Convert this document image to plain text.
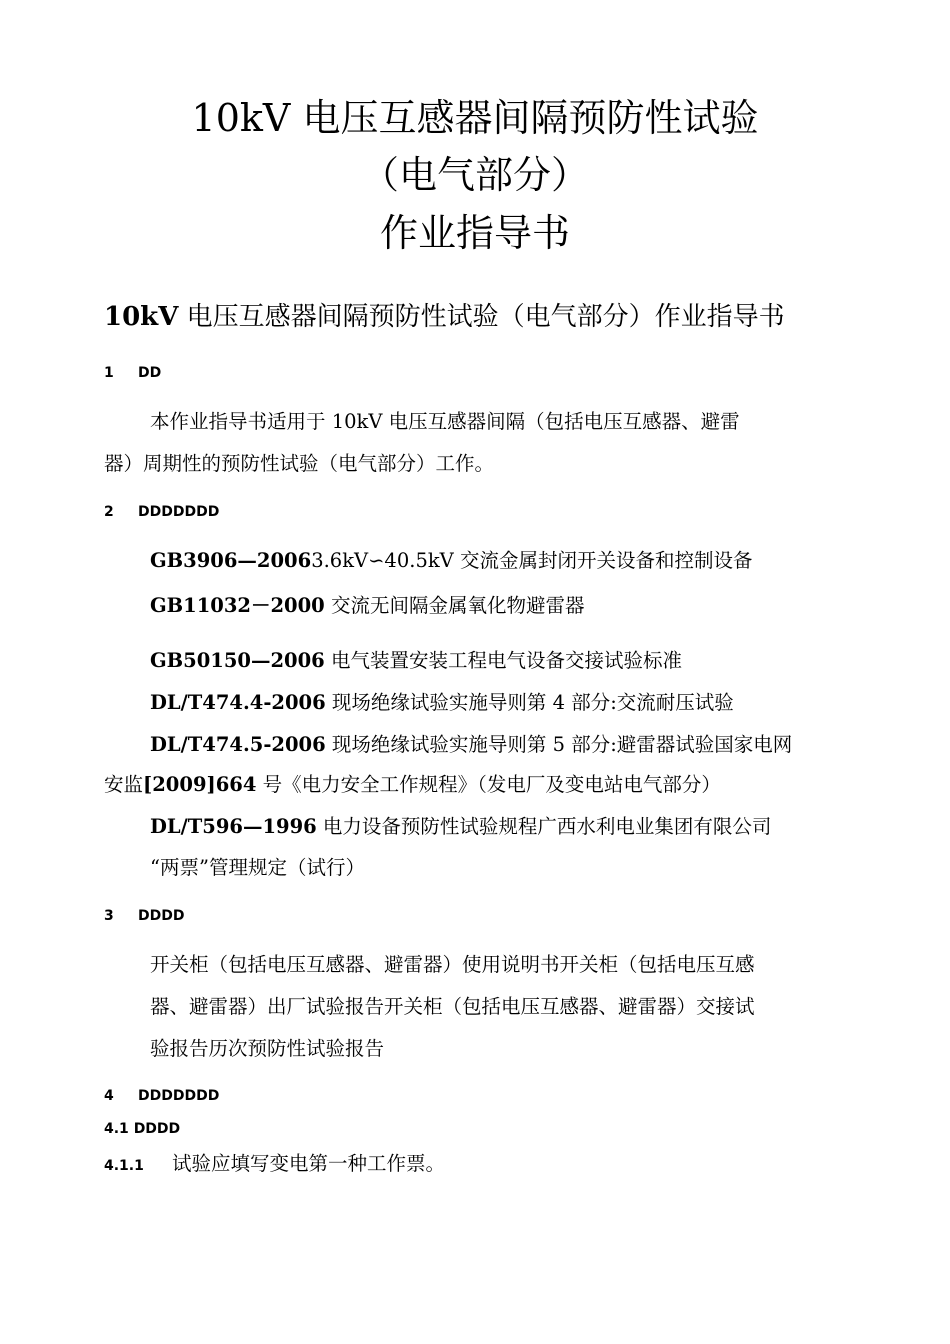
10kV 电压互感器间隔预防性试验
（电气部分）
作业指导书
10kV 电压互感器间隔预防性试验（电气部分）作业指导书
1 DD
本作业指导书适用于 10kV 电压互感器间隔（包括电压互感器、避雷
器）周期性的预防性试验（电气部分）工作。
2 DDDDDDD
GB3906—20063.6kV∽40.5kV 交流金属封闭开关设备和控制设备
GB11032－2000 交流无间隔金属氧化物避雷器
GB50150—2006 电气装置安装工程电气设备交接试验标准
DL/T474.4-2006 现场绝缘试验实施导则第 4 部分:交流耐压试验
DL/T474.5-2006 现场绝缘试验实施导则第 5 部分:避雷器试验国家电网
安监[2009]664 号《电力安全工作规程》（发电厂及变电站电气部分）
DL/T596—1996 电力设备预防性试验规程广西水利电业集团有限公司
“两票”管理规定（试行）
3 DDDD
开关柜（包括电压互感器、避雷器）使用说明书开关柜（包括电压互感
器、避雷器）出厂试验报告开关柜（包括电压互感器、避雷器）交接试
验报告历次预防性试验报告
4 DDDDDDD
4.1 DDDD
4.1.1 试验应填写变电第一种工作票。
